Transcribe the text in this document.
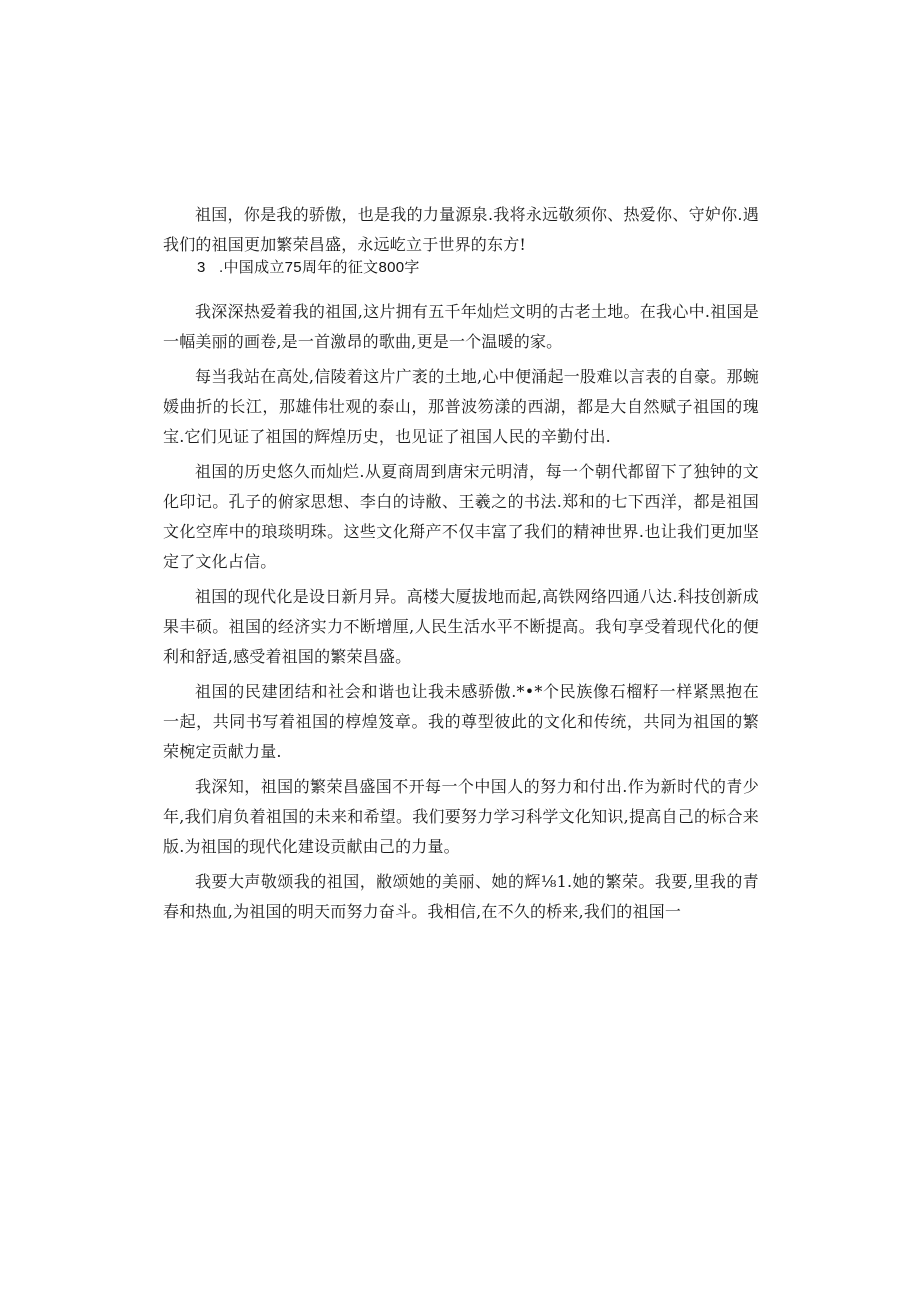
祖国，你是我的骄傲，也是我的力量源泉.我将永远敬须你、热爱你、守妒你.遇我们的祖国更加繁荣昌盛，永远屹立于世界的东方!

3 .中国成立75周年的征文800字

我深深热爱着我的祖国,这片拥有五千年灿烂文明的古老土地。在我心中.祖国是一幅美丽的画卷,是一首激昂的歌曲,更是一个温暖的家。

每当我站在高处,信陵着这片广袤的土地,心中便涌起一股难以言表的自豪。那蜿媛曲折的长江，那雄伟壮观的泰山，那普波笏漾的西湖，都是大自然赋子祖国的瑰宝.它们见证了祖国的辉煌历史，也见证了祖国人民的辛勤付出.

祖国的历史悠久而灿烂.从夏商周到唐宋元明清，每一个朝代都留下了独钟的文化印记。孔子的俯家思想、李白的诗敝、王羲之的书法.郑和的七下西洋，都是祖国文化空库中的琅琰明珠。这些文化搿产不仅丰富了我们的精神世界.也让我们更加坚定了文化占信。

祖国的现代化是设日新月异。高楼大厦拔地而起,高铁网络四通八达.科技创新成果丰硕。祖国的经济实力不断增厘,人民生活水平不断提高。我旬享受着现代化的便利和舒适,感受着祖国的繁荣昌盛。

祖国的民建团结和社会和谐也让我未感骄傲.*•*个民族像石榴籽一样紧黑抱在一起，共同书写着祖国的椁煌笈章。我的尊型彼此的文化和传统，共同为祖国的繁荣椀定贡献力量.

我深知，祖国的繁荣昌盛国不开每一个中国人的努力和付出.作为新时代的青少年,我们肩负着祖国的未来和希望。我们要努力学习科学文化知识,提高自己的标合来版.为祖国的现代化建设贡献由己的力量。

我要大声敬颂我的祖国，敝颂她的美丽、她的辉⅛1.她的繁荣。我要,里我的青春和热血,为祖国的明天而努力奋斗。我相信,在不久的桥来,我们的祖国一
